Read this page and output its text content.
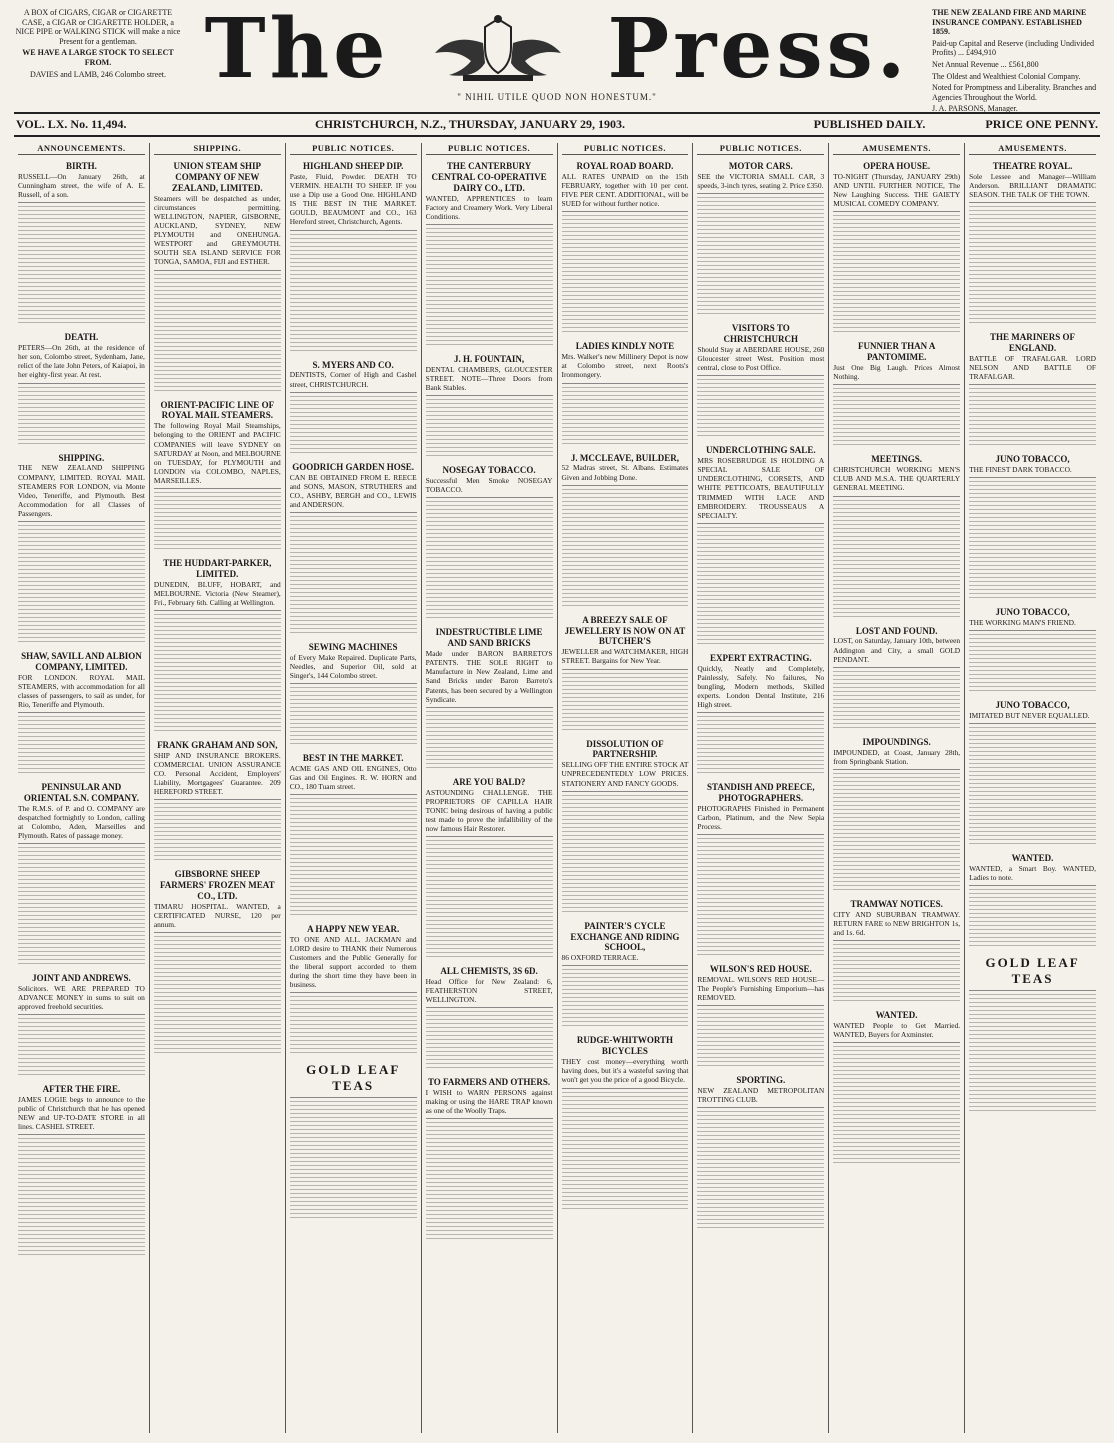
A BOX of CIGARS, CIGAR or CIGARETTE CASE, a CIGAR or CIGARETTE HOLDER, a NICE PIPE or WALKING STICK will make a nice Present for a gentleman.

WE HAVE A LARGE STOCK TO SELECT FROM.

DAVIES and LAMB, 246 Colombo street. The	Press.
" NIHIL UTILE QUOD NON HONESTUM."

THE NEW ZEALAND FIRE AND MARINE INSURANCE COMPANY. ESTABLISHED 1859.

Paid-up Capital and Reserve (including Undivided Profits) ... £494,910

Net Annual Revenue ... £561,800

The Oldest and Wealthiest Colonial Company.

Noted for Promptness and Liberality. Branches and Agencies Throughout the World.

J. A. PARSONS, Manager.

VOL. LX. No. 11,494.	CHRISTCHURCH, N.Z., THURSDAY, JANUARY 29, 1903.	PUBLISHED DAILY.	PRICE ONE PENNY.
ANNOUNCEMENTS.
BIRTH.
RUSSELL—On January 26th, at Cunningham street, the wife of A. E. Russell, of a son.
DEATH.
PETERS—On 26th, at the residence of her son, Colombo street, Sydenham, Jane, relict of the late John Peters, of Kaiapoi, in her eighty-first year. At rest.
SHIPPING.
THE NEW ZEALAND SHIPPING COMPANY, LIMITED. ROYAL MAIL STEAMERS FOR LONDON, via Monte Video, Teneriffe, and Plymouth. Best Accommodation for all Classes of Passengers.
SHAW, SAVILL AND ALBION COMPANY, LIMITED.
FOR LONDON. ROYAL MAIL STEAMERS, with accommodation for all classes of passengers, to sail as under, for Rio, Teneriffe and Plymouth.
PENINSULAR AND ORIENTAL S.N. COMPANY.
The R.M.S. of P. and O. COMPANY are despatched fortnightly to London, calling at Colombo, Aden, Marseilles and Plymouth. Rates of passage money.
JOINT AND ANDREWS.
Solicitors. WE ARE PREPARED TO ADVANCE MONEY in sums to suit on approved freehold securities.
AFTER THE FIRE.
JAMES LOGIE begs to announce to the public of Christchurch that he has opened NEW and UP-TO-DATE STORE in all lines. CASHEL STREET.
SHIPPING.
UNION STEAM SHIP COMPANY OF NEW ZEALAND, LIMITED.
Steamers will be despatched as under, circumstances permitting. WELLINGTON, NAPIER, GISBORNE, AUCKLAND, SYDNEY, NEW PLYMOUTH and ONEHUNGA. WESTPORT and GREYMOUTH. SOUTH SEA ISLAND SERVICE FOR TONGA, SAMOA, FIJI and ESTHER.
ORIENT-PACIFIC LINE OF ROYAL MAIL STEAMERS.
The following Royal Mail Steamships, belonging to the ORIENT and PACIFIC COMPANIES will leave SYDNEY on SATURDAY at Noon, and MELBOURNE on TUESDAY, for PLYMOUTH and LONDON via COLOMBO, NAPLES, MARSEILLES.
THE HUDDART-PARKER, LIMITED.
DUNEDIN, BLUFF, HOBART, and MELBOURNE. Victoria (New Steamer), Fri., February 6th. Calling at Wellington.
FRANK GRAHAM AND SON,
SHIP AND INSURANCE BROKERS. COMMERCIAL UNION ASSURANCE CO. Personal Accident, Employers' Liability, Mortgagees' Guarantee. 209 HEREFORD STREET.
GIBSBORNE SHEEP FARMERS' FROZEN MEAT CO., LTD.
TIMARU HOSPITAL. WANTED, a CERTIFICATED NURSE, 120 per annum.
PUBLIC NOTICES.
HIGHLAND SHEEP DIP.
Paste, Fluid, Powder. DEATH TO VERMIN. HEALTH TO SHEEP. IF you use a Dip use a Good One. HIGHLAND IS THE BEST IN THE MARKET. GOULD, BEAUMONT and CO., 163 Hereford street, Christchurch, Agents.
S. MYERS AND CO.
DENTISTS, Corner of High and Cashel street, CHRISTCHURCH.
GOODRICH GARDEN HOSE.
CAN BE OBTAINED FROM E. REECE and SONS, MASON, STRUTHERS and CO., ASHBY, BERGH and CO., LEWIS and ANDERSON.
SEWING MACHINES
of Every Make Repaired. Duplicate Parts, Needles, and Superior Oil, sold at Singer's, 144 Colombo street.
BEST IN THE MARKET.
ACME GAS AND OIL ENGINES, Otto Gas and Oil Engines. R. W. HORN and CO., 180 Tuam street.
A HAPPY NEW YEAR.
TO ONE AND ALL. JACKMAN and LORD desire to THANK their Numerous Customers and the Public Generally for the liberal support accorded to them during the short time they have been in business.
GOLD LEAF TEAS
PUBLIC NOTICES.
THE CANTERBURY CENTRAL CO-OPERATIVE DAIRY CO., LTD.
WANTED, APPRENTICES to learn Factory and Creamery Work. Very Liberal Conditions.
J. H. FOUNTAIN,
DENTAL CHAMBERS, GLOUCESTER STREET. NOTE—Three Doors from Bank Stables.
NOSEGAY TOBACCO.
Successful Men Smoke NOSEGAY TOBACCO.
INDESTRUCTIBLE LIME AND SAND BRICKS
Made under BARON BARRETO'S PATENTS. THE SOLE RIGHT to Manufacture in New Zealand, Lime and Sand Bricks under Baron Barreto's Patents, has been secured by a Wellington Syndicate.
ARE YOU BALD?
ASTOUNDING CHALLENGE. THE PROPRIETORS OF CAPILLA HAIR TONIC being desirous of having a public test made to prove the infallibility of the now famous Hair Restorer.
ALL CHEMISTS, 3S 6D.
Head Office for New Zealand: 6, FEATHERSTON STREET, WELLINGTON.
TO FARMERS AND OTHERS.
I WISH to WARN PERSONS against making or using the HARE TRAP known as one of the Woolly Traps.
PUBLIC NOTICES.
ROYAL ROAD BOARD.
ALL RATES UNPAID on the 15th FEBRUARY, together with 10 per cent. FIVE PER CENT. ADDITIONAL, will be SUED for without further notice.
LADIES KINDLY NOTE
Mrs. Walker's new Millinery Depot is now at Colombo street, next Roots's Ironmongery.
J. MCCLEAVE, BUILDER,
52 Madras street, St. Albans. Estimates Given and Jobbing Done.
A BREEZY SALE OF JEWELLERY IS NOW ON AT BUTCHER'S
JEWELLER and WATCHMAKER, HIGH STREET. Bargains for New Year.
DISSOLUTION OF PARTNERSHIP.
SELLING OFF THE ENTIRE STOCK AT UNPRECEDENTEDLY LOW PRICES. STATIONERY AND FANCY GOODS.
PAINTER'S CYCLE EXCHANGE AND RIDING SCHOOL,
86 OXFORD TERRACE.
RUDGE-WHITWORTH BICYCLES
THEY cost money—everything worth having does, but it's a wasteful saving that won't get you the price of a good Bicycle.
PUBLIC NOTICES.
MOTOR CARS.
SEE the VICTORIA SMALL CAR, 3 speeds, 3-inch tyres, seating 2. Price £350.
VISITORS TO CHRISTCHURCH
Should Stay at ABERDARE HOUSE, 260 Gloucester street West. Position most central, close to Post Office.
UNDERCLOTHING SALE.
MRS ROSEBRUDGE IS HOLDING A SPECIAL SALE OF UNDERCLOTHING, CORSETS, AND WHITE PETTICOATS, BEAUTIFULLY TRIMMED WITH LACE AND EMBROIDERY. TROUSSEAUS A SPECIALTY.
EXPERT EXTRACTING.
Quickly, Neatly and Completely, Painlessly, Safely. No failures, No bungling, Modern methods, Skilled experts. London Dental Institute, 216 High street.
STANDISH AND PREECE, PHOTOGRAPHERS.
PHOTOGRAPHS Finished in Permanent Carbon, Platinum, and the New Sepia Process.
WILSON'S RED HOUSE.
REMOVAL. WILSON'S RED HOUSE—The People's Furnishing Emporium—has REMOVED.
SPORTING.
NEW ZEALAND METROPOLITAN TROTTING CLUB.
AMUSEMENTS.
OPERA HOUSE.
TO-NIGHT (Thursday, JANUARY 29th) AND UNTIL FURTHER NOTICE, The New Laughing Success. THE GAIETY MUSICAL COMEDY COMPANY.
FUNNIER THAN A PANTOMIME.
Just One Big Laugh. Prices Almost Nothing.
MEETINGS.
CHRISTCHURCH WORKING MEN'S CLUB AND M.S.A. THE QUARTERLY GENERAL MEETING.
LOST AND FOUND.
LOST, on Saturday, January 10th, between Addington and City, a small GOLD PENDANT.
IMPOUNDINGS.
IMPOUNDED, at Coast, January 28th, from Springbank Station.
TRAMWAY NOTICES.
CITY AND SUBURBAN TRAMWAY. RETURN FARE to NEW BRIGHTON 1s, and 1s. 6d.
WANTED.
WANTED People to Get Married. WANTED, Buyers for Axminster.
AMUSEMENTS.
THEATRE ROYAL.
Sole Lessee and Manager—William Anderson. BRILLIANT DRAMATIC SEASON. THE TALK OF THE TOWN.
THE MARINERS OF ENGLAND.
BATTLE OF TRAFALGAR. LORD NELSON AND BATTLE OF TRAFALGAR.
JUNO TOBACCO,
THE FINEST DARK TOBACCO.
JUNO TOBACCO,
THE WORKING MAN'S FRIEND.
JUNO TOBACCO,
IMITATED BUT NEVER EQUALLED.
WANTED.
WANTED, a Smart Boy. WANTED, Ladies to note.
GOLD LEAF TEAS
